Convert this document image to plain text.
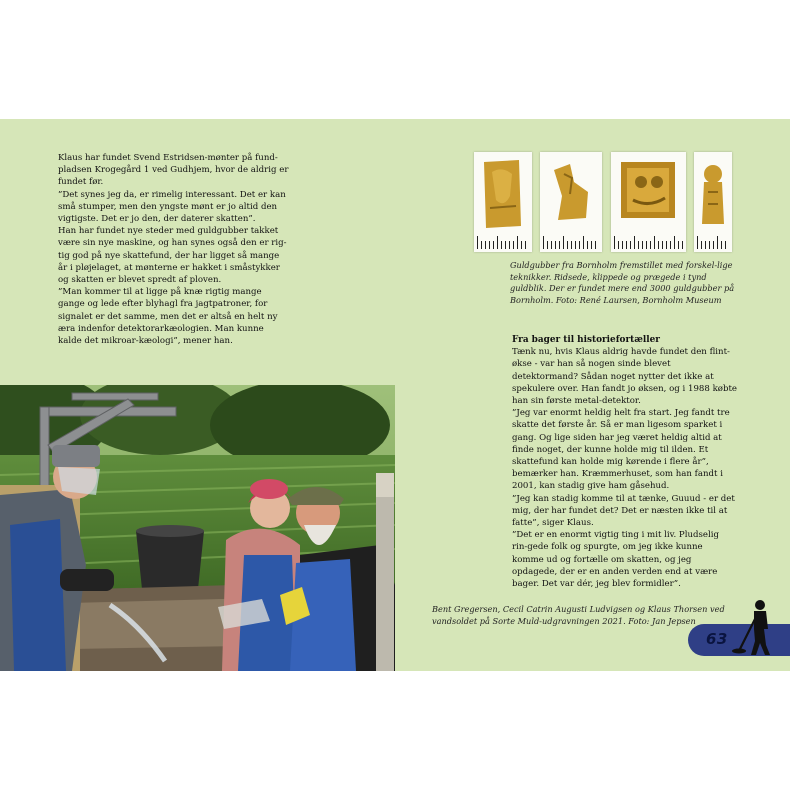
Klaus har fundet Svend Estridsen-mønter på fund-pladsen Krogegård 1 ved Gudhjem, hvor de aldrig er fundet før.

”Det synes jeg da, er rimelig interessant. Det er kan små stumper, men den yngste mønt er jo altid den vigtigste. Det er jo den, der daterer skatten”.

Han har fundet nye steder med guldgubber takket være sin nye maskine, og han synes også den er rig-tig god på nye skattefund, der har ligget så mange år i pløjelaget, at mønterne er hakket i småstykker og skatten er blevet spredt af ploven.

”Man kommer til at ligge på knæ rigtig mange gange og lede efter blyhagl fra jagtpatroner, for signalet er det samme, men det er altså en helt ny æra indenfor detektorarkæologien. Man kunne kalde det mikroar-kæologi”, mener han.

Guldgubber fra Bornholm fremstillet med forskel-lige teknikker. Ridsede, klippede og prægede i tynd guldblik. Der er fundet mere end 3000 guldgubber på Bornholm. Foto: René Laursen, Bornholm Museum
Fra bager til historiefortæller

Tænk nu, hvis Klaus aldrig havde fundet den flint-økse - var han så nogen sinde blevet detektormand? Sådan noget nytter det ikke at spekulere over. Han fandt jo øksen, og i 1988 købte han sin første metal-detektor.

”Jeg var enormt heldig helt fra start. Jeg fandt tre skatte det første år. Så er man ligesom sparket i gang. Og lige siden har jeg været heldig altid at finde noget, der kunne holde mig til ilden. Et skattefund kan holde mig kørende i flere år”, bemærker han. Kræmmerhuset, som han fandt i 2001, kan stadig give ham gåsehud.

”Jeg kan stadig komme til at tænke, Guuud - er det mig, der har fundet det? Det er næsten ikke til at fatte”, siger Klaus.

”Det er en enormt vigtig ting i mit liv. Pludselig rin-gede folk og spurgte, om jeg ikke kunne komme ud og fortælle om skatten, og jeg opdagede, der er en anden verden end at være bager. Det var dér, jeg blev formidler”.

Bent Gregersen, Cecil Catrin Augusti Ludvigsen og Klaus Thorsen ved vandsoldet på Sorte Muld-udgravningen 2021. Foto: Jan Jepsen
63
